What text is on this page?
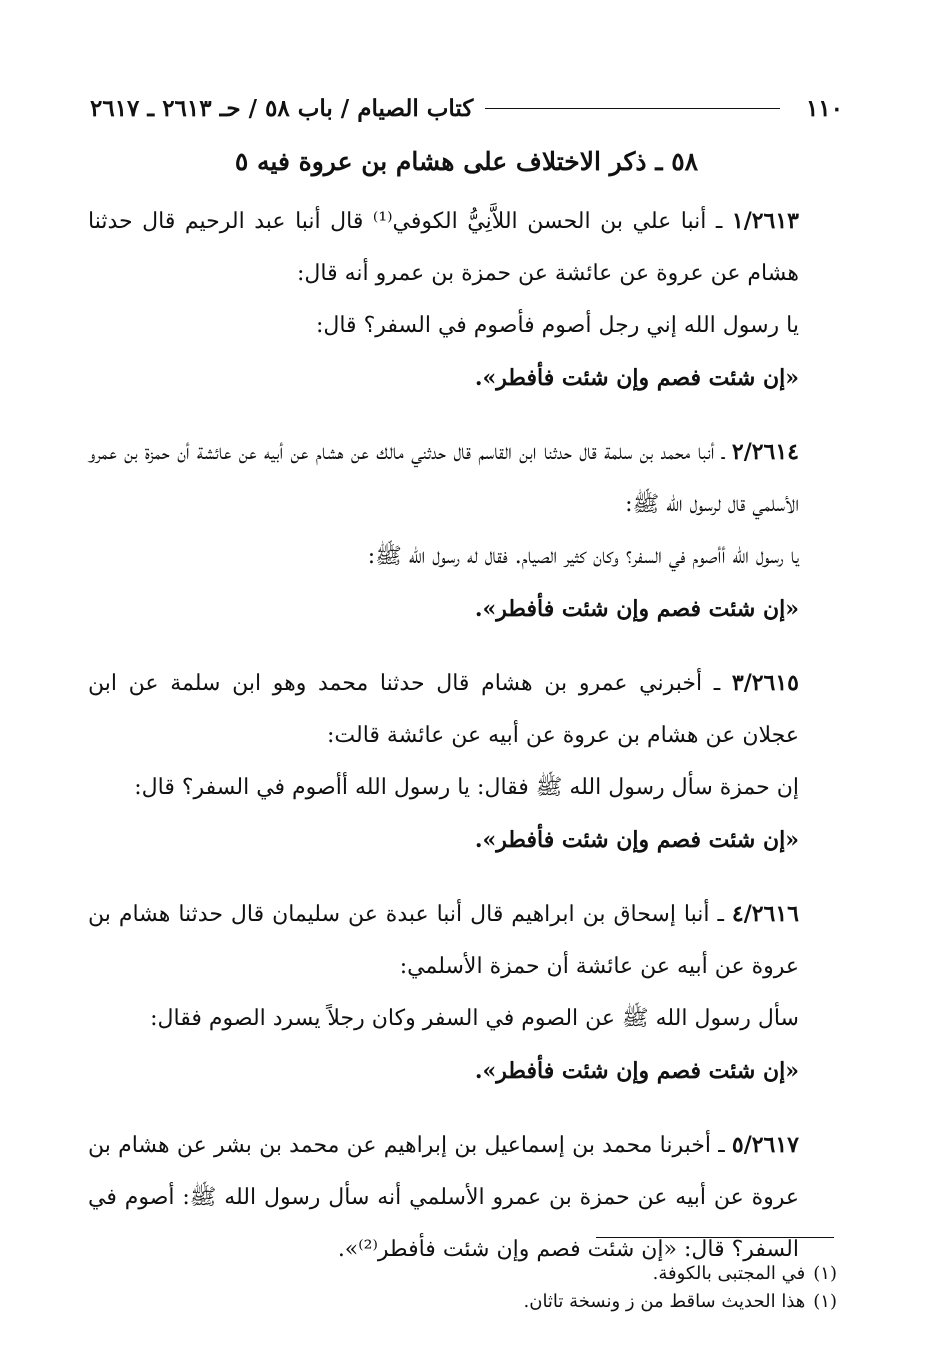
١١٠
كتاب الصيام / باب ٥٨ / حـ ٢٦١٣ ـ ٢٦١٧
٥٨ ـ ذكر الاختلاف على هشام بن عروة فيه ٥

١/٢٦١٣ ـ أنبا علي بن الحسن اللاَّنِيُّ الكوفي⁽¹⁾ قال أنبا عبد الرحيم قال حدثنا هشام عن عروة عن عائشة عن حمزة بن عمرو أنه قال:

يا رسول الله إني رجل أصوم فأصوم في السفر؟ قال:

«إن شئت فصم وإن شئت فأفطر».

٢/٢٦١٤ ـ أنبا محمد بن سلمة قال حدثنا ابن القاسم قال حدثني مالك عن هشام عن أبيه عن عائشة أن حمزة بن عمرو الأسلمي قال لرسول الله ﷺ:

يا رسول الله أأصوم في السفر؟ وكان كثير الصيام. فقال له رسول الله ﷺ:

«إن شئت فصم وإن شئت فأفطر».

٣/٢٦١٥ ـ أخبرني عمرو بن هشام قال حدثنا محمد وهو ابن سلمة عن ابن عجلان عن هشام بن عروة عن أبيه عن عائشة قالت:

إن حمزة سأل رسول الله ﷺ فقال: يا رسول الله أأصوم في السفر؟ قال:

«إن شئت فصم وإن شئت فأفطر».

٤/٢٦١٦ ـ أنبا إسحاق بن ابراهيم قال أنبا عبدة عن سليمان قال حدثنا هشام بن عروة عن أبيه عن عائشة أن حمزة الأسلمي:

سأل رسول الله ﷺ عن الصوم في السفر وكان رجلاً يسرد الصوم فقال:

«إن شئت فصم وإن شئت فأفطر».

٥/٢٦١٧ ـ أخبرنا محمد بن إسماعيل بن إبراهيم عن محمد بن بشر عن هشام بن عروة عن أبيه عن حمزة بن عمرو الأسلمي أنه سأل رسول الله ﷺ: أصوم في السفر؟ قال: «إن شئت فصم وإن شئت فأفطر⁽²⁾».

(١)في المجتبى بالكوفة.

(١)هذا الحديث ساقط من ز ونسخة تاثان.
